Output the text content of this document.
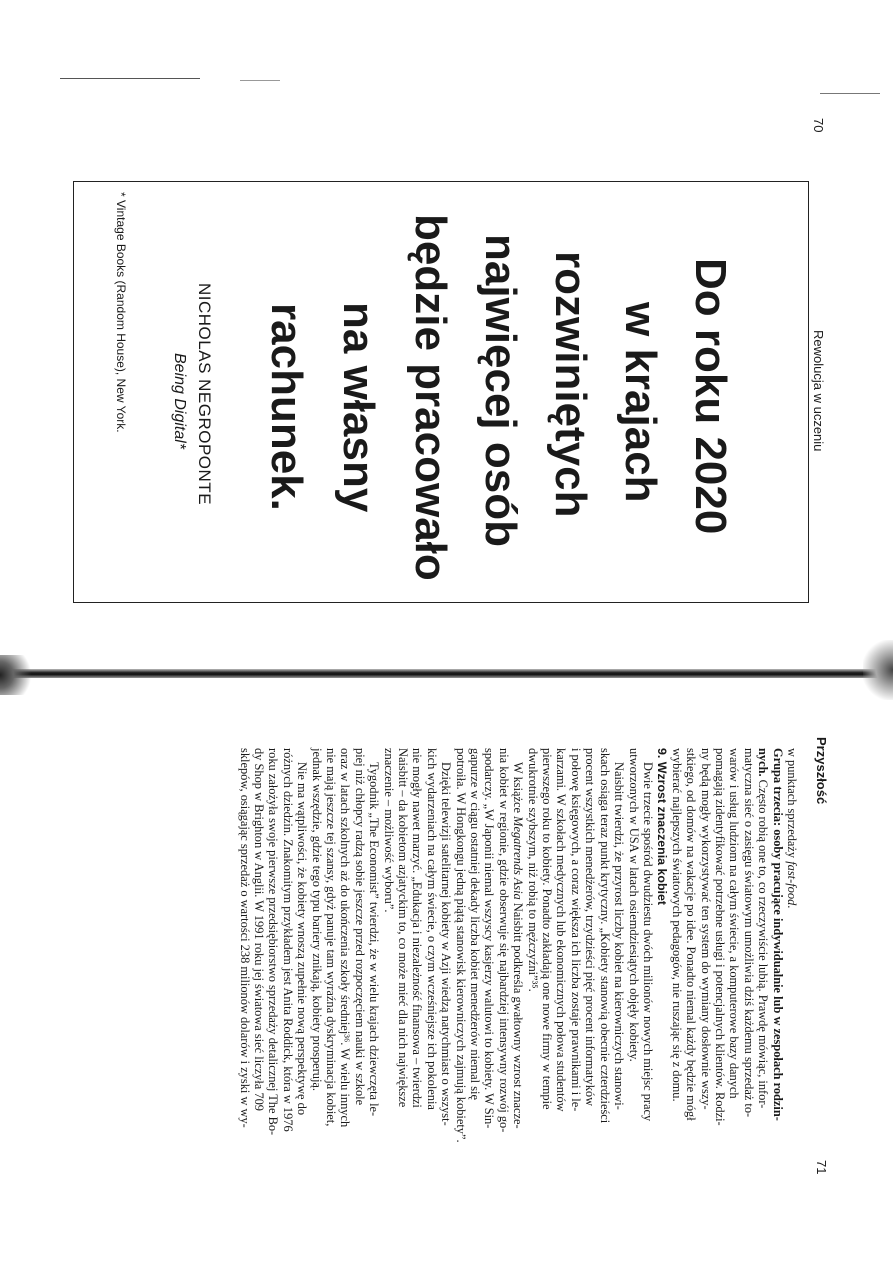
70
Rewolucja w uczeniu
Do roku 2020
w krajach
rozwiniętych
najwięcej osób
będzie pracowało
na własny
rachunek.
NICHOLAS NEGROPONTE
Being Digital*
* Vintage Books (Random House), New York.
Przyszłość
71

w punktach sprzedaży fast-food.

Grupa trzecia: osoby pracujące indywidualnie lub w zespołach rodzin-

nych. Często robią one to, co rzeczywiście lubią. Prawdę mówiąc, infor-

matyczna sieć o zasięgu światowym umożliwia dziś każdemu sprzedaż to-

warów i usług ludziom na całym świecie, a komputerowe bazy danych

pomagają zidentyfikować potrzebne usługi i potencjalnych klientów. Rodzi-

ny będą mogły wykorzystywać ten system do wymiany dosłownie wszy-

stkiego, od domów na wakacje po idee. Ponadto niemal każdy będzie mógł

wybierać najlepszych światowych pedagogów, nie ruszając się z domu.

9. Wzrost znaczenia kobiet

Dwie trzecie spośród dwudziestu dwóch milionów nowych miejsc pracy

utworzonych w USA w latach osiemdziesiątych objęły kobiety.

Naisbitt twierdzi, że przyrost liczby kobiet na kierowniczych stanowi-

skach osiąga teraz punkt krytyczny. „Kobiety stanowią obecnie czterdzieści

procent wszystkich menedżerów, trzydzieści pięć procent informatyków

i połowę księgowych, a coraz większa ich liczba zostaje prawnikami i le-

karzami. W szkołach medycznych lub ekonomicznych połowa studentów

pierwszego roku to kobiety. Ponadto zakładają one nowe firmy w tempie

dwukrotnie szybszym, niż robią to mężczyźni”³⁵.

W książce Megatrends Asia Naisbitt podkreśla gwałtowny wzrost znacze-

nia kobiet w regionie, gdzie obserwuje się najbardziej intensywny rozwój go-

spodarczy. „W Japonii niemal wszyscy kasjerzy walutowi to kobiety. W Sin-

gapurze w ciągu ostatniej dekady liczba kobiet menedżerów niemal się

potroiła. W Hongkongu jedną piątą stanowisk kierowniczych zajmują kobiety”.

Dzięki telewizji satelitarnej kobiety w Azji wiedzą natychmiast o wszyst-

kich wydarzeniach na całym świecie, o czym wcześniejsze ich pokolenia

nie mogły nawet marzyć. „Edukacja i niezależność finansowa – twierdzi

Naisbitt – da kobietom azjatyckim to, co może mieć dla nich największe

znaczenie – możliwość wyboru”.

Tygodnik „The Economist” twierdzi, że w wielu krajach dziewczęta le-

piej niż chłopcy radzą sobie jeszcze przed rozpoczęciem nauki w szkole

oraz w latach szkolnych aż do ukończenia szkoły średniej³⁶. W wielu innych

nie mają jeszcze tej szansy, gdyż panuje tam wyraźna dyskryminacja kobiet,

jednak wszędzie, gdzie tego typu bariery znikają, kobiety prosperują.

Nie ma wątpliwości, że kobiety wnoszą zupełnie nową perspektywę do

różnych dziedzin. Znakomitym przykładem jest Anita Roddick, która w 1976

roku założyła swoje pierwsze przedsiębiorstwo sprzedaży detalicznej The Bo-

dy Shop w Brighton w Anglii. W 1991 roku jej światowa sieć liczyła 709

sklepów, osiągając sprzedaż o wartości 238 milionów dolarów i zyski w wy-
